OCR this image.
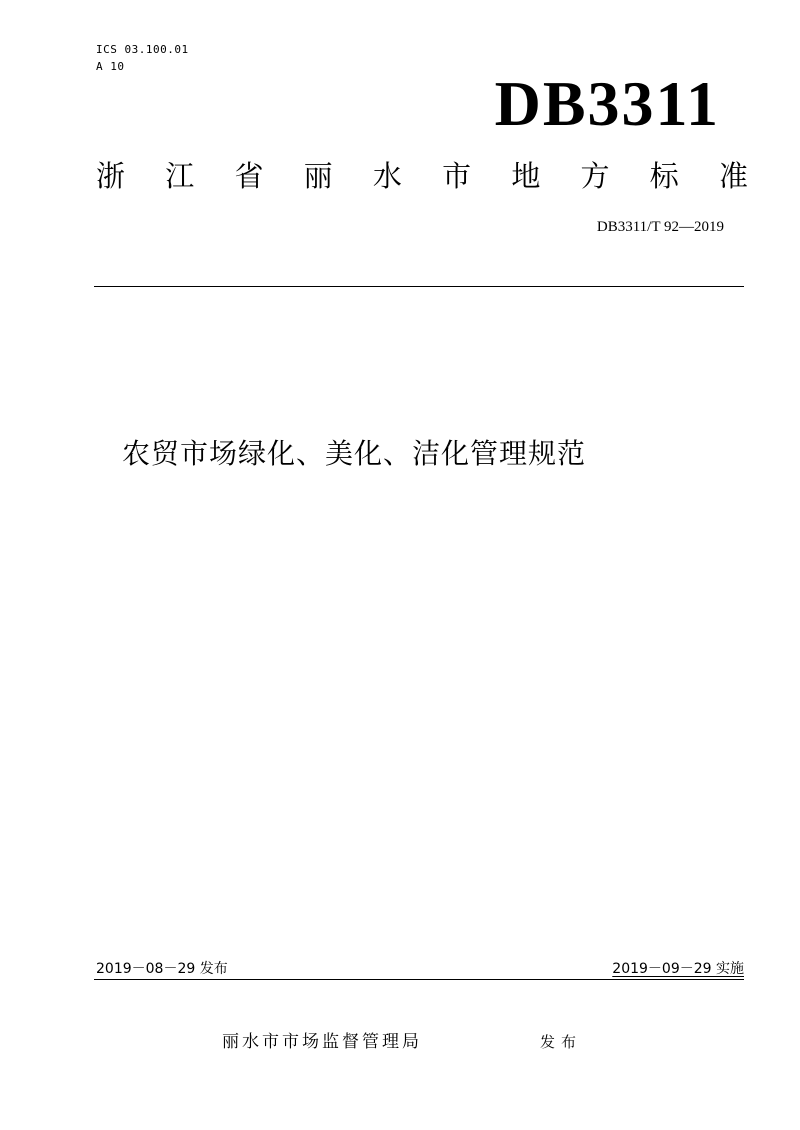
ICS 03.100.01
A 10
DB3311
浙 江 省 丽 水 市 地 方 标 准
DB3311/T 92—2019
农贸市场绿化、美化、洁化管理规范
2019－08－29 发布	2019－09－29 实施
丽水市市场监督管理局	发布
